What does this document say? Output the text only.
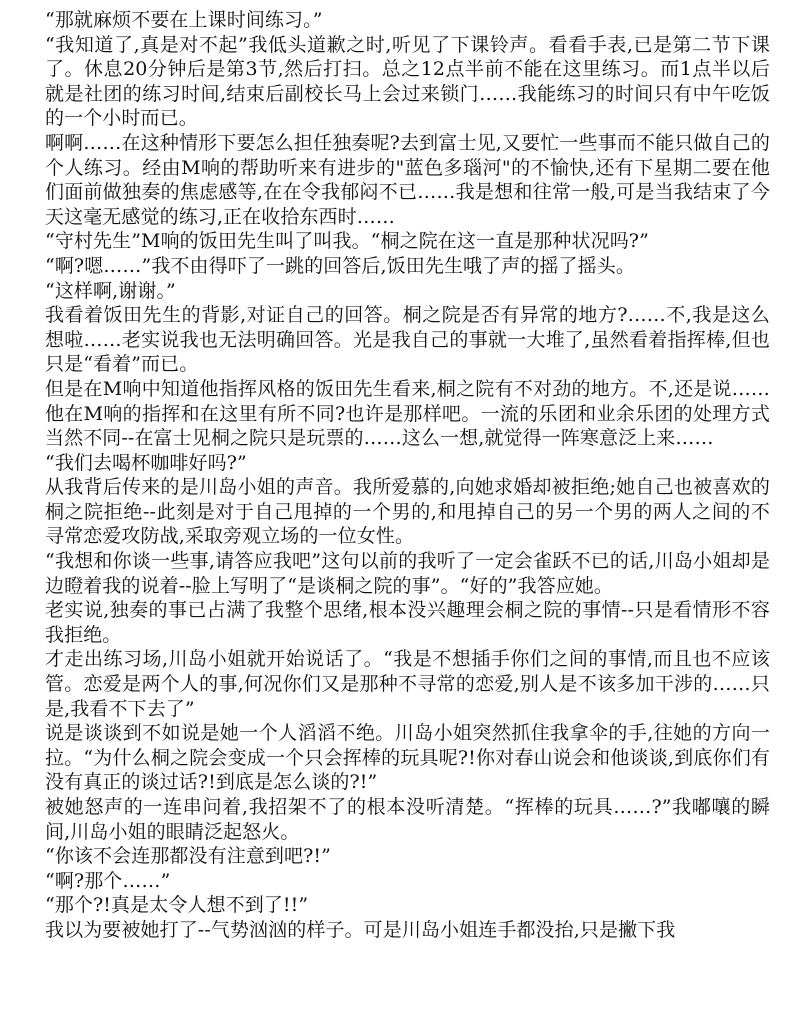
“那就麻烦不要在上课时间练习。”

“我知道了,真是对不起”我低头道歉之时,听见了下课铃声。看看手表,已是第二节下课了。休息20分钟后是第3节,然后打扫。总之12点半前不能在这里练习。而1点半以后就是社团的练习时间,结束后副校长马上会过来锁门……我能练习的时间只有中午吃饭的一个小时而已。

啊啊……在这种情形下要怎么担任独奏呢?去到富士见,又要忙一些事而不能只做自己的个人练习。经由M响的帮助听来有进步的"蓝色多瑙河"的不愉快,还有下星期二要在他们面前做独奏的焦虑感等,在在令我郁闷不已……我是想和往常一般,可是当我结束了今天这毫无感觉的练习,正在收拾东西时……

“守村先生”M响的饭田先生叫了叫我。“桐之院在这一直是那种状况吗?”

“啊?嗯……”我不由得吓了一跳的回答后,饭田先生哦了声的摇了摇头。

“这样啊,谢谢。”

我看着饭田先生的背影,对证自己的回答。桐之院是否有异常的地方?……不,我是这么想啦……老实说我也无法明确回答。光是我自己的事就一大堆了,虽然看着指挥棒,但也只是“看着”而已。

但是在M响中知道他指挥风格的饭田先生看来,桐之院有不对劲的地方。不,还是说……他在M响的指挥和在这里有所不同?也许是那样吧。一流的乐团和业余乐团的处理方式当然不同--在富士见桐之院只是玩票的……这么一想,就觉得一阵寒意泛上来……

“我们去喝杯咖啡好吗?”

从我背后传来的是川岛小姐的声音。我所爱慕的,向她求婚却被拒绝;她自己也被喜欢的桐之院拒绝--此刻是对于自己甩掉的一个男的,和甩掉自己的另一个男的两人之间的不寻常恋爱攻防战,采取旁观立场的一位女性。

“我想和你谈一些事,请答应我吧”这句以前的我听了一定会雀跃不已的话,川岛小姐却是边瞪着我的说着--脸上写明了“是谈桐之院的事”。“好的”我答应她。

老实说,独奏的事已占满了我整个思绪,根本没兴趣理会桐之院的事情--只是看情形不容我拒绝。

才走出练习场,川岛小姐就开始说话了。“我是不想插手你们之间的事情,而且也不应该管。恋爱是两个人的事,何况你们又是那种不寻常的恋爱,别人是不该多加干涉的……只是,我看不下去了”

说是谈谈到不如说是她一个人滔滔不绝。川岛小姐突然抓住我拿伞的手,往她的方向一拉。“为什么桐之院会变成一个只会挥棒的玩具呢?!你对春山说会和他谈谈,到底你们有没有真正的谈过话?!到底是怎么谈的?!”

被她怒声的一连串问着,我招架不了的根本没听清楚。“挥棒的玩具……?”我嘟嚷的瞬间,川岛小姐的眼睛泛起怒火。

“你该不会连那都没有注意到吧?!”

“啊?那个……”

“那个?!真是太令人想不到了!!”

我以为要被她打了--气势汹汹的样子。可是川岛小姐连手都没抬,只是撇下我
